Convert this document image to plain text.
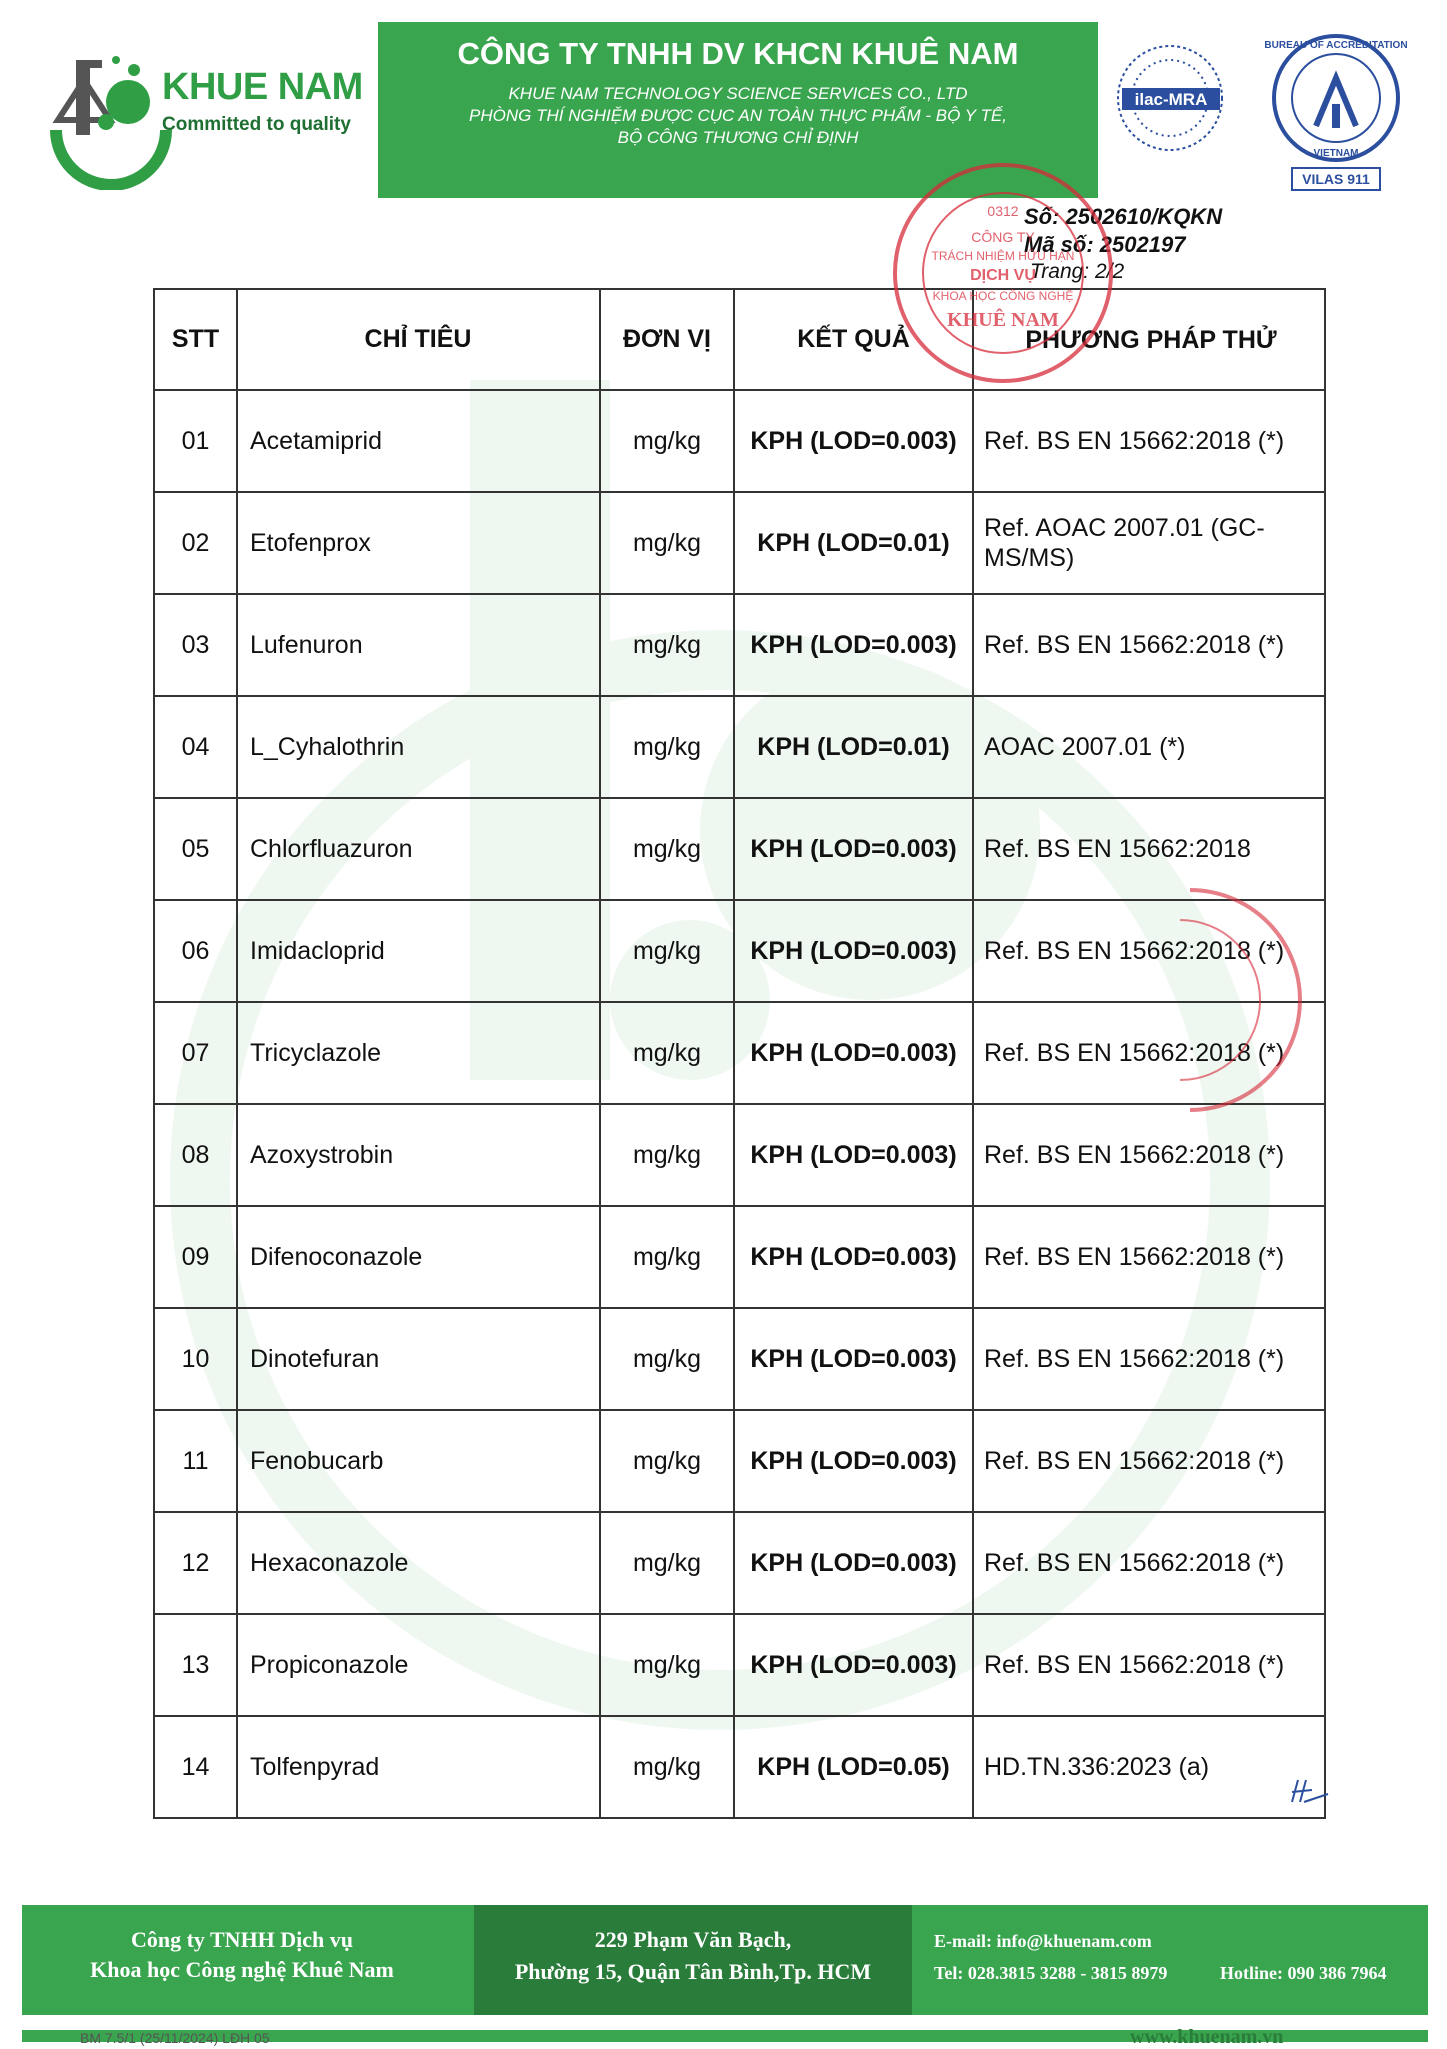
KHUE NAM
Committed to quality
CÔNG TY TNHH DV KHCN KHUÊ NAM
KHUE NAM TECHNOLOGY SCIENCE SERVICES CO., LTD
PHÒNG THÍ NGHIỆM ĐƯỢC CỤC AN TOÀN THỰC PHẨM - BỘ Y TẾ,
BỘ CÔNG THƯƠNG CHỈ ĐỊNH
ilac-MRA
BUREAU OF ACCREDITATION
VIETNAM
VILAS 911
Số: 2502610/KQKN
Mã số: 2502197
Trang: 2/2
STT	CHỈ TIÊU	ĐƠN VỊ	KẾT QUẢ	PHƯƠNG PHÁP THỬ
01	Acetamiprid	mg/kg	KPH (LOD=0.003)	Ref. BS EN 15662:2018 (*)
02	Etofenprox	mg/kg	KPH (LOD=0.01)	Ref. AOAC 2007.01 (GC-MS/MS)
03	Lufenuron	mg/kg	KPH (LOD=0.003)	Ref. BS EN 15662:2018 (*)
04	L_Cyhalothrin	mg/kg	KPH (LOD=0.01)	AOAC 2007.01 (*)
05	Chlorfluazuron	mg/kg	KPH (LOD=0.003)	Ref. BS EN 15662:2018
06	Imidacloprid	mg/kg	KPH (LOD=0.003)	Ref. BS EN 15662:2018 (*)
07	Tricyclazole	mg/kg	KPH (LOD=0.003)	Ref. BS EN 15662:2018 (*)
08	Azoxystrobin	mg/kg	KPH (LOD=0.003)	Ref. BS EN 15662:2018 (*)
09	Difenoconazole	mg/kg	KPH (LOD=0.003)	Ref. BS EN 15662:2018 (*)
10	Dinotefuran	mg/kg	KPH (LOD=0.003)	Ref. BS EN 15662:2018 (*)
11	Fenobucarb	mg/kg	KPH (LOD=0.003)	Ref. BS EN 15662:2018 (*)
12	Hexaconazole	mg/kg	KPH (LOD=0.003)	Ref. BS EN 15662:2018 (*)
13	Propiconazole	mg/kg	KPH (LOD=0.003)	Ref. BS EN 15662:2018 (*)
14	Tolfenpyrad	mg/kg	KPH (LOD=0.05)	HD.TN.336:2023 (a)
0312
CÔNG TY
TRÁCH NHIỆM HỮU HẠN
DỊCH VỤ
KHOA HỌC CÔNG NGHỆ
KHUÊ NAM
Công ty TNHH Dịch vụ
Khoa học Công nghệ Khuê Nam
229 Phạm Văn Bạch,
Phường 15, Quận Tân Bình,Tp. HCM
E-mail: info@khuenam.com
Tel: 028.3815 3288 - 3815 8979	Hotline: 090 386 7964
BM 7.5/1 (25/11/2024) LĐH 05	www.khuenam.vn
